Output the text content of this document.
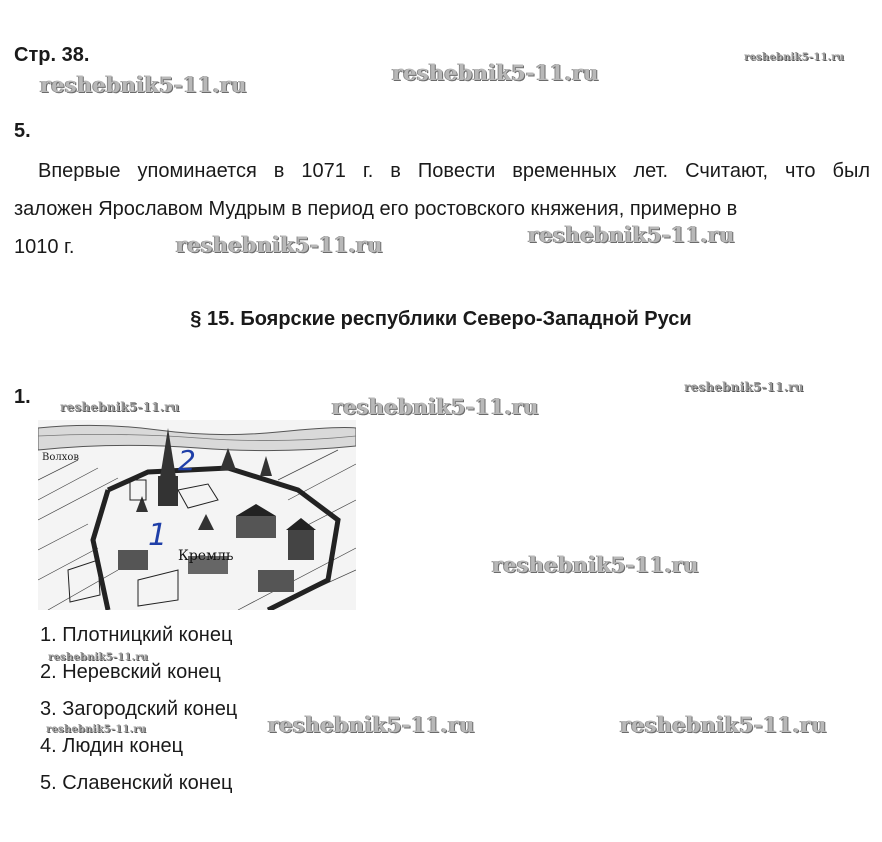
Стр. 38.
reshebnik5-11.ru	reshebnik5-11.ru
reshebnik5-11.ru
5.
Впервые упоминается в 1071 г. в Повести временных лет. Считают, что был
заложен Ярославом Мудрым в период его ростовского княжения, примерно в
1010 г.	reshebnik5-11.ru	reshebnik5-11.ru
§ 15. Боярские республики Северо-Западной Руси
1. reshebnik5-11.ru	reshebnik5-11.ru
reshebnik5-11.ru
Волхов
Кремль
1
2
reshebnik5-11.ru
1. Плотницкий конец
2. Неревский конец
3. Загородский конец
4. Людин конец
5. Славенский конец
reshebnik5-11.ru
reshebnik5-11.ru	reshebnik5-11.ru	reshebnik5-11.ru
